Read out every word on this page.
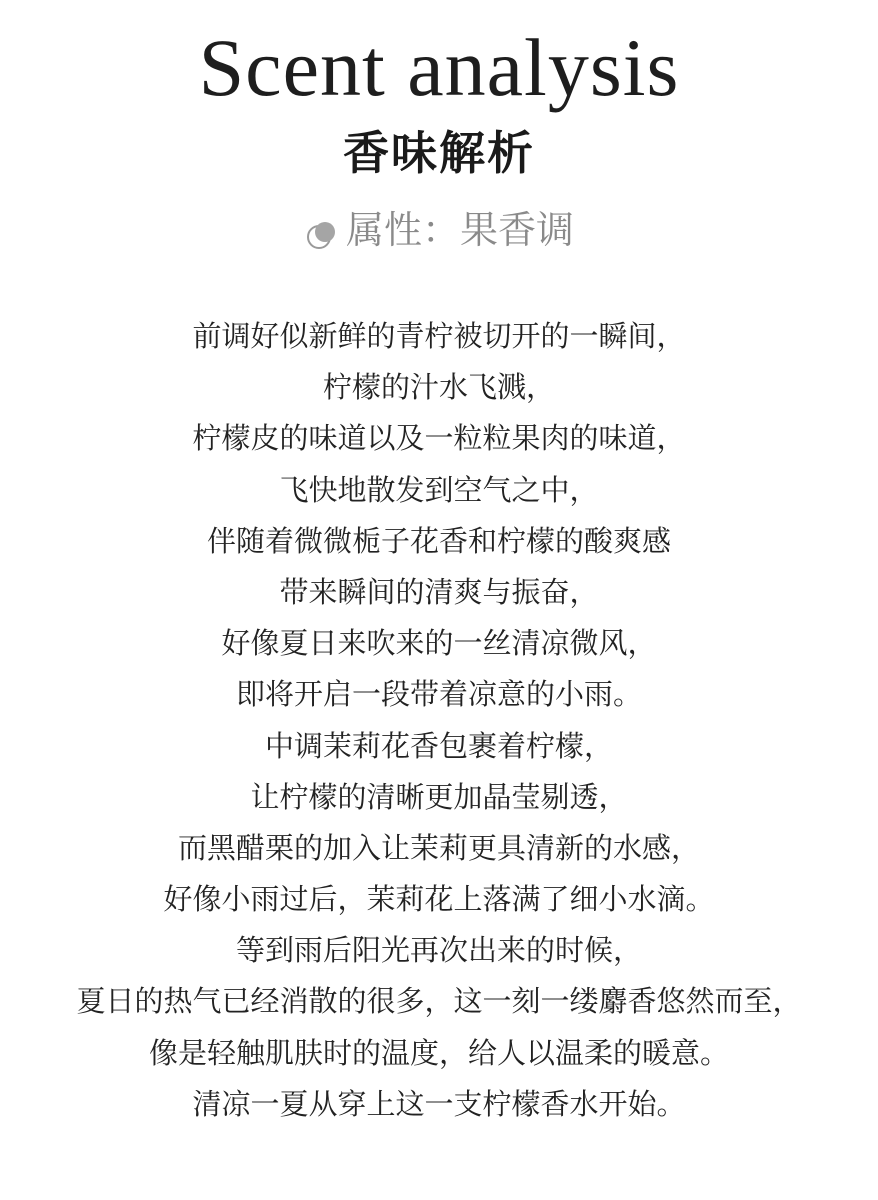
Scent analysis
香味解析
属性： 果香调
前调好似新鲜的青柠被切开的一瞬间，
柠檬的汁水飞溅，
柠檬皮的味道以及一粒粒果肉的味道，
飞快地散发到空气之中，
伴随着微微栀子花香和柠檬的酸爽感
带来瞬间的清爽与振奋，
好像夏日来吹来的一丝清凉微风，
即将开启一段带着凉意的小雨。
中调茉莉花香包裹着柠檬，
让柠檬的清晰更加晶莹剔透，
而黑醋栗的加入让茉莉更具清新的水感，
好像小雨过后，茉莉花上落满了细小水滴。
等到雨后阳光再次出来的时候，
夏日的热气已经消散的很多，这一刻一缕麝香悠然而至，
像是轻触肌肤时的温度，给人以温柔的暖意。
清凉一夏从穿上这一支柠檬香水开始。
